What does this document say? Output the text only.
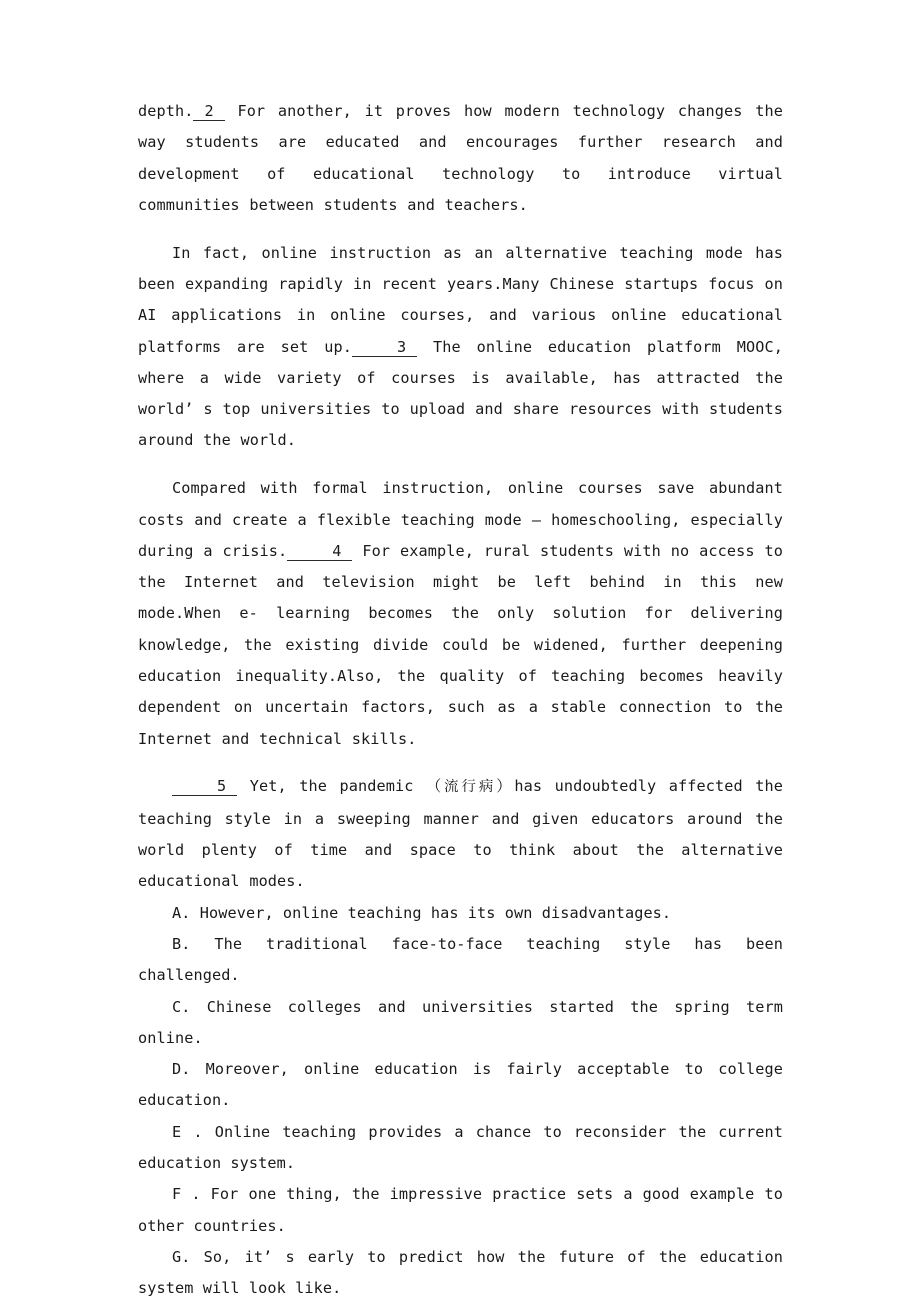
depth. 2 For another, it proves how modern technology changes the way students are educated and encourages further research and development of educational technology to introduce virtual communities between students and teachers.
In fact, online instruction as an alternative teaching mode has been expanding rapidly in recent years.Many Chinese startups focus on AI applications in online courses, and various online educational platforms are set up.	3 The online education platform MOOC, where a wide variety of courses is available, has attracted the world’ s top universities to upload and share resources with students around the world.
Compared with formal instruction, online courses save abundant costs and create a flexible teaching mode — homeschooling, especially during a crisis.	4 For example, rural students with no access to the Internet and television might be left behind in this new mode.When e- learning becomes the only solution for delivering knowledge, the existing divide could be widened, further deepening education inequality.Also, the quality of teaching becomes heavily dependent on uncertain factors, such as a stable connection to the Internet and technical skills.
5 Yet, the pandemic （流行病）has undoubtedly affected the teaching style in a sweeping manner and given educators around the world plenty of time and space to think about the alternative educational modes.
A. However, online teaching has its own disadvantages.
B. The traditional face-to-face teaching style has been challenged.
C. Chinese colleges and universities started the spring term online.
D. Moreover, online education is fairly acceptable to college education.
E . Online teaching provides a chance to reconsider the current education system.
F . For one thing, the impressive practice sets a good example to other countries.
G. So, it’ s early to predict how the future of the education system will look like.
